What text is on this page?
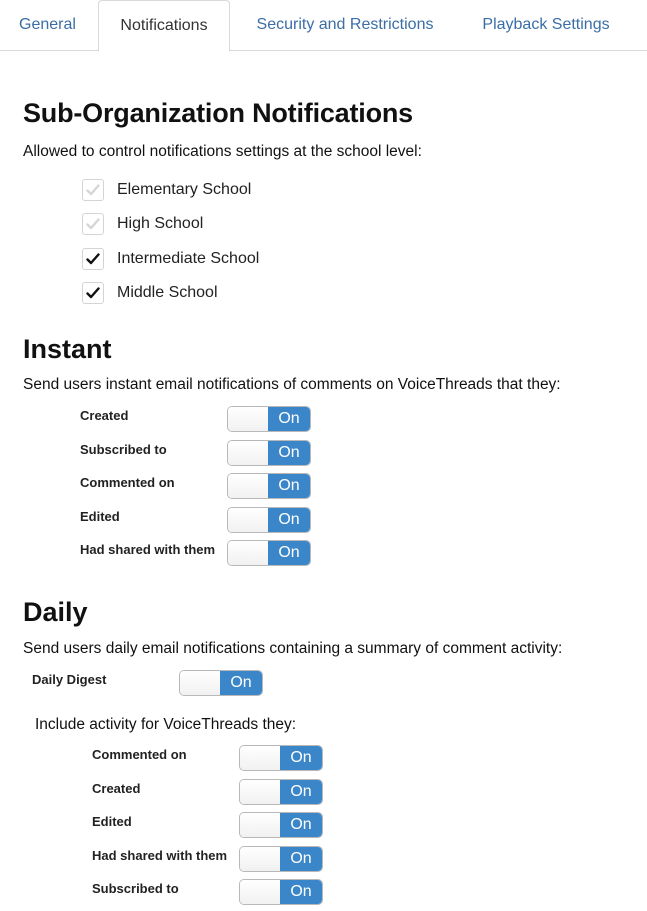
General	Notifications	Security and Restrictions	Playback Settings
Sub-Organization Notifications
Allowed to control notifications settings at the school level:
Elementary School
High School
Intermediate School
Middle School
Instant
Send users instant email notifications of comments on VoiceThreads that they:
Created	On
Subscribed to	On
Commented on	On
Edited	On
Had shared with them	On
Daily
Send users daily email notifications containing a summary of comment activity:
Daily Digest	On
Include activity for VoiceThreads they:
Commented on	On
Created	On
Edited	On
Had shared with them	On
Subscribed to	On
